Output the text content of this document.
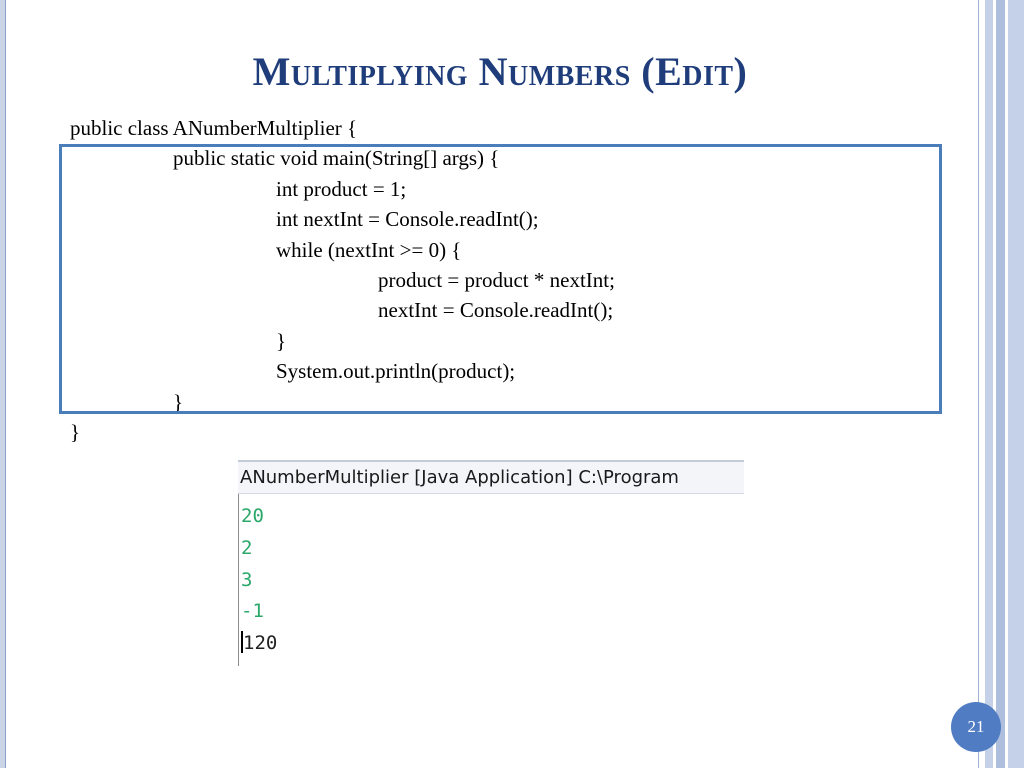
Multiplying Numbers (Edit)
public class ANumberMultiplier {
public static void main(String[] args) {
int product = 1;
int nextInt = Console.readInt();
while (nextInt >= 0) {
product = product * nextInt;
nextInt = Console.readInt();
}
System.out.println(product);
}
}
ANumberMultiplier [Java Application] C:\Program
20
2
3
-1
120
21
